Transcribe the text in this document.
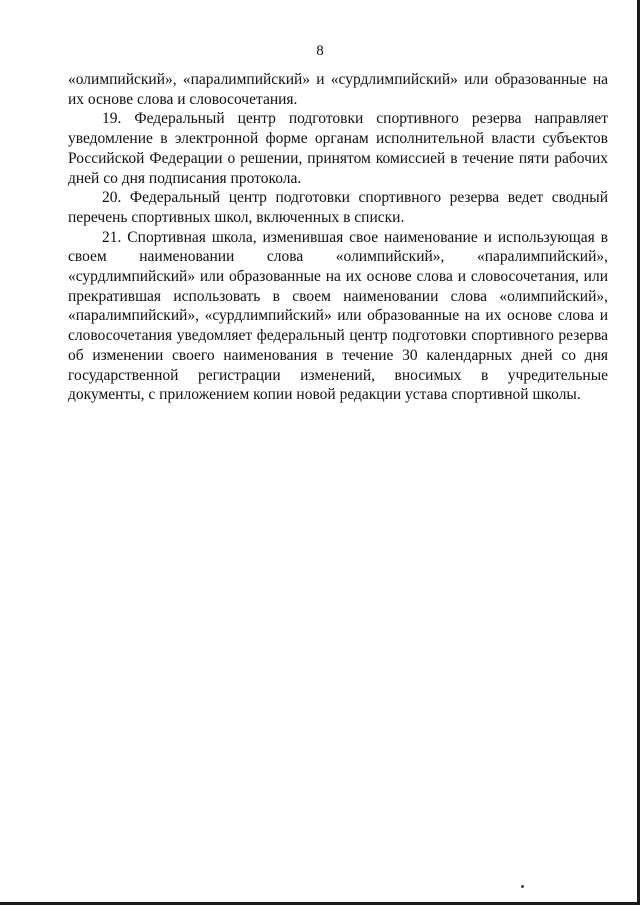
8

«олимпийский», «паралимпийский» и «сурдлимпийский» или образованные на их основе слова и словосочетания.

19. Федеральный центр подготовки спортивного резерва направляет уведомление в электронной форме органам исполнительной власти субъектов Российской Федерации о решении, принятом комиссией в течение пяти рабочих дней со дня подписания протокола.

20. Федеральный центр подготовки спортивного резерва ведет сводный перечень спортивных школ, включенных в списки.

21. Спортивная школа, изменившая свое наименование и использующая в своем наименовании слова «олимпийский», «паралимпийский», «сурдлимпийский» или образованные на их основе слова и словосочетания, или прекратившая использовать в своем наименовании слова «олимпийский», «паралимпийский», «сурдлимпийский» или образованные на их основе слова и словосочетания уведомляет федеральный центр подготовки спортивного резерва об изменении своего наименования в течение 30 календарных дней со дня государственной регистрации изменений, вносимых в учредительные документы, с приложением копии новой редакции устава спортивной школы.
